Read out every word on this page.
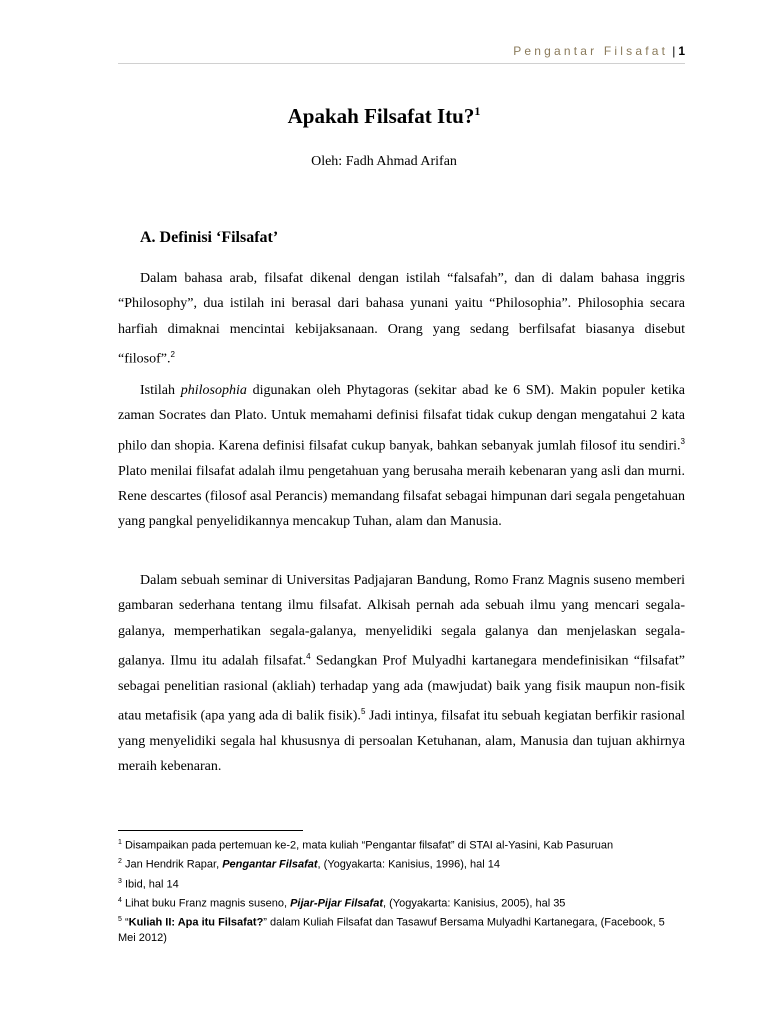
Pengantar Filsafat | 1
Apakah Filsafat Itu?$^1$
Oleh: Fadh Ahmad Arifan
A. Definisi ‘Filsafat’

Dalam bahasa arab, filsafat dikenal dengan istilah “falsafah”, dan di dalam bahasa inggris “Philosophy”, dua istilah ini berasal dari bahasa yunani yaitu “Philosophia”. Philosophia secara harfiah dimaknai mencintai kebijaksanaan. Orang yang sedang berfilsafat biasanya disebut “filosof”.$^2$

Istilah philosophia digunakan oleh Phytagoras (sekitar abad ke 6 SM). Makin populer ketika zaman Socrates dan Plato. Untuk memahami definisi filsafat tidak cukup dengan mengatahui 2 kata philo dan shopia. Karena definisi filsafat cukup banyak, bahkan sebanyak jumlah filosof itu sendiri.$^3$ Plato menilai filsafat adalah ilmu pengetahuan yang berusaha meraih kebenaran yang asli dan murni. Rene descartes (filosof asal Perancis) memandang filsafat sebagai himpunan dari segala pengetahuan yang pangkal penyelidikannya mencakup Tuhan, alam dan Manusia.

Dalam sebuah seminar di Universitas Padjajaran Bandung, Romo Franz Magnis suseno memberi gambaran sederhana tentang ilmu filsafat. Alkisah pernah ada sebuah ilmu yang mencari segala-galanya, memperhatikan segala-galanya, menyelidiki segala galanya dan menjelaskan segala-galanya. Ilmu itu adalah filsafat.$^4$ Sedangkan Prof Mulyadhi kartanegara mendefinisikan “filsafat” sebagai penelitian rasional (akliah) terhadap yang ada (mawjudat) baik yang fisik maupun non-fisik atau metafisik (apa yang ada di balik fisik).$^5$ Jadi intinya, filsafat itu sebuah kegiatan berfikir rasional yang menyelidiki segala hal khususnya di persoalan Ketuhanan, alam, Manusia dan tujuan akhirnya meraih kebenaran.

$^1$ Disampaikan pada pertemuan ke-2, mata kuliah “Pengantar filsafat” di STAI al-Yasini, Kab Pasuruan

$^2$ Jan Hendrik Rapar, Pengantar Filsafat, (Yogyakarta: Kanisius, 1996), hal 14

$^3$ Ibid, hal 14

$^4$ Lihat buku Franz magnis suseno, Pijar-Pijar Filsafat, (Yogyakarta: Kanisius, 2005), hal 35

$^5$ “Kuliah II: Apa itu Filsafat?” dalam Kuliah Filsafat dan Tasawuf Bersama Mulyadhi Kartanegara, (Facebook, 5 Mei 2012)
